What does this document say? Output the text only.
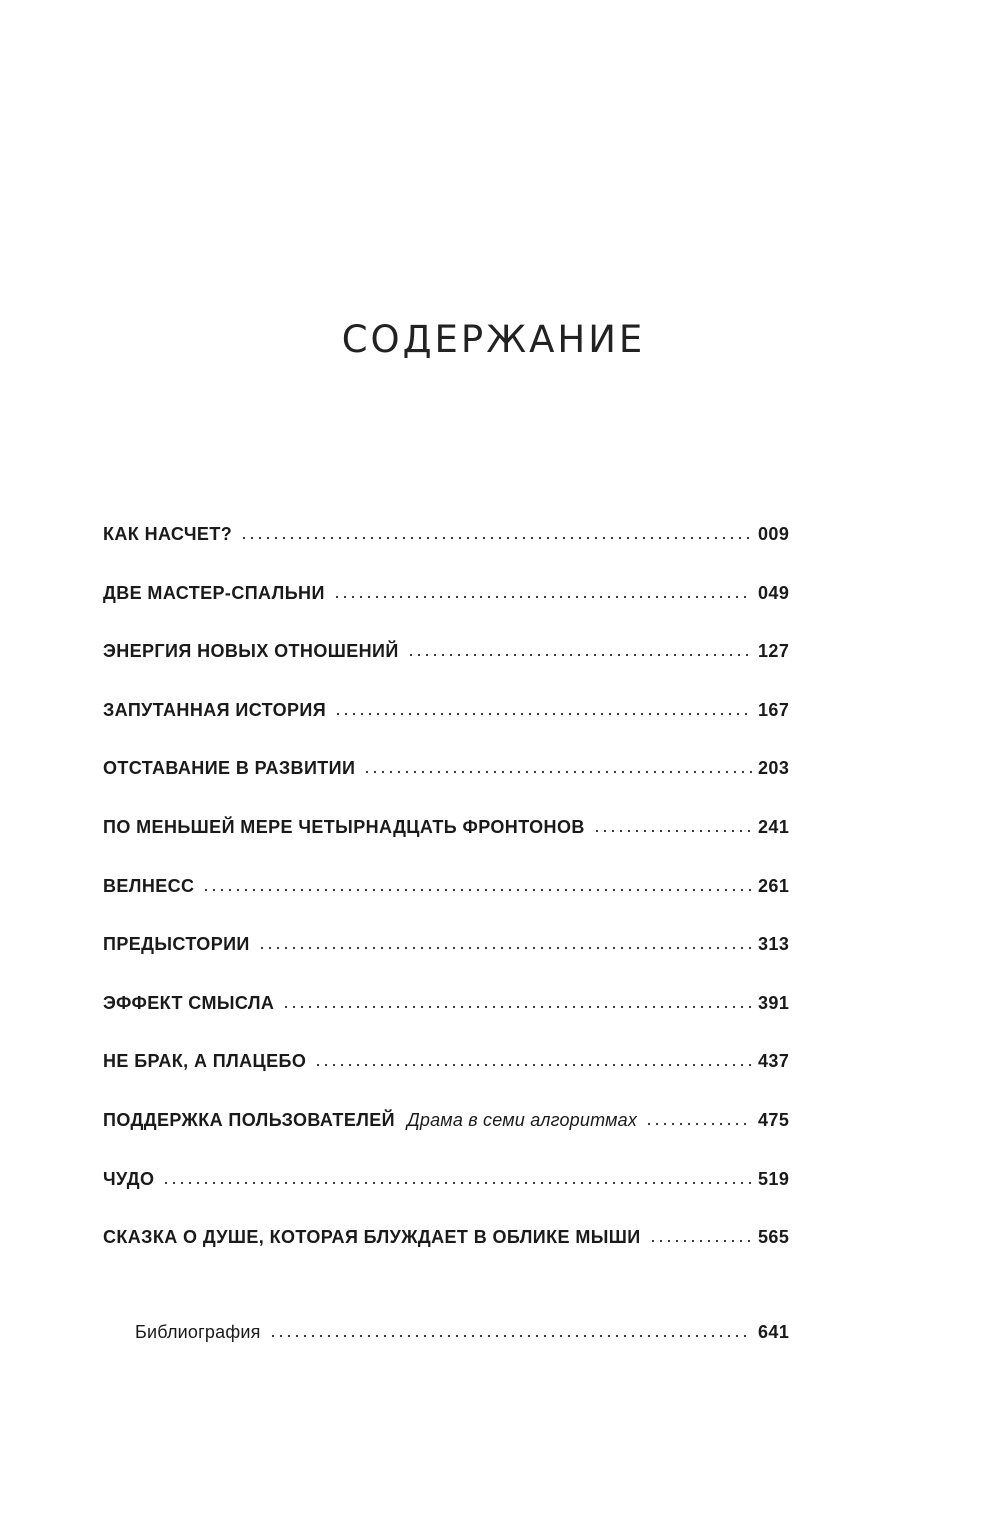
СОДЕРЖАНИЕ
КАК НАСЧЕТ?	009
ДВЕ МАСТЕР-СПАЛЬНИ	049
ЭНЕРГИЯ НОВЫХ ОТНОШЕНИЙ	127
ЗАПУТАННАЯ ИСТОРИЯ	167
ОТСТАВАНИЕ В РАЗВИТИИ	203
ПО МЕНЬШЕЙ МЕРЕ ЧЕТЫРНАДЦАТЬ ФРОНТОНОВ	241
ВЕЛНЕСС	261
ПРЕДЫСТОРИИ	313
ЭФФЕКТ СМЫСЛА	391
НЕ БРАК, А ПЛАЦЕБО	437
ПОДДЕРЖКА ПОЛЬЗОВАТЕЛЕЙ Драма в семи алгоритмах	475
ЧУДО	519
СКАЗКА О ДУШЕ, КОТОРАЯ БЛУЖДАЕТ В ОБЛИКЕ МЫШИ	565
Библиография	641
